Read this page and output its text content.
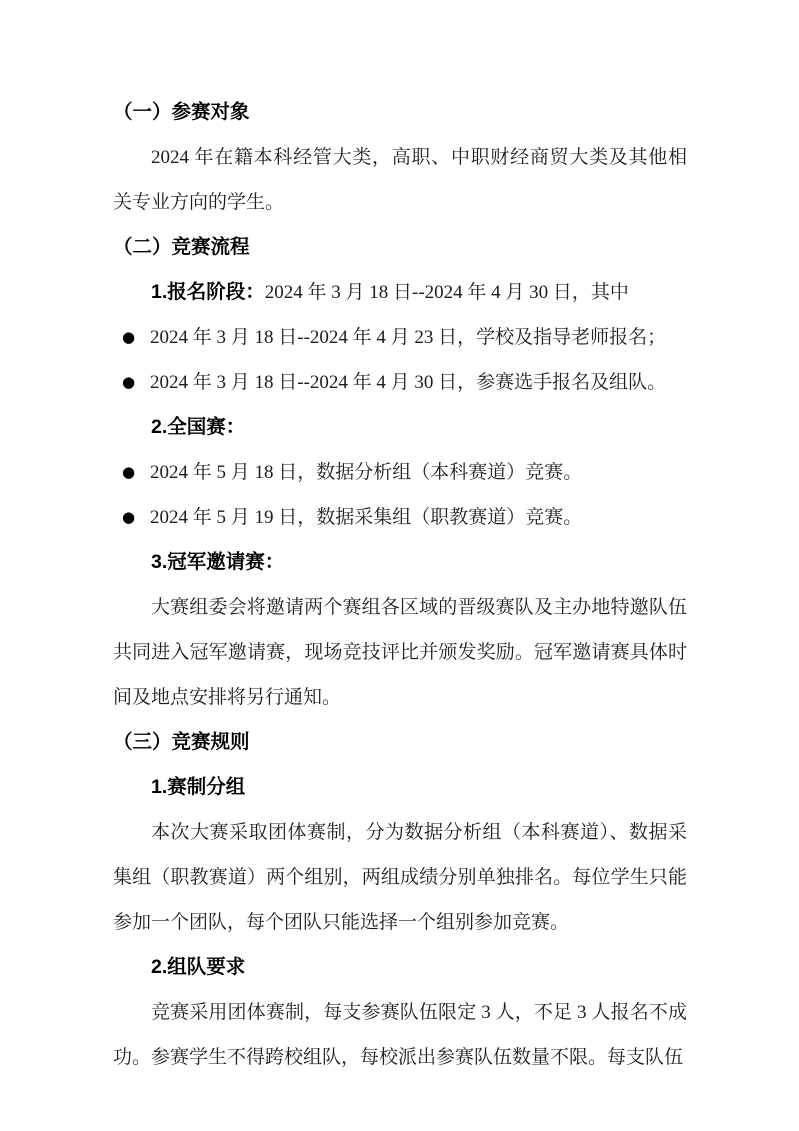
（一）参赛对象

2024 年在籍本科经管大类，高职、中职财经商贸大类及其他相关专业方向的学生。

（二）竞赛流程

1.报名阶段：2024 年 3 月 18 日--2024 年 4 月 30 日，其中

● 2024 年 3 月 18 日--2024 年 4 月 23 日，学校及指导老师报名；
● 2024 年 3 月 18 日--2024 年 4 月 30 日，参赛选手报名及组队。

2.全国赛：

● 2024 年 5 月 18 日，数据分析组（本科赛道）竞赛。
● 2024 年 5 月 19 日，数据采集组（职教赛道）竞赛。

3.冠军邀请赛：

大赛组委会将邀请两个赛组各区域的晋级赛队及主办地特邀队伍共同进入冠军邀请赛，现场竞技评比并颁发奖励。冠军邀请赛具体时间及地点安排将另行通知。

（三）竞赛规则

1.赛制分组

本次大赛采取团体赛制，分为数据分析组（本科赛道）、数据采集组（职教赛道）两个组别，两组成绩分别单独排名。每位学生只能参加一个团队，每个团队只能选择一个组别参加竞赛。

2.组队要求

竞赛采用团体赛制，每支参赛队伍限定 3 人，不足 3 人报名不成功。参赛学生不得跨校组队，每校派出参赛队伍数量不限。每支队伍
